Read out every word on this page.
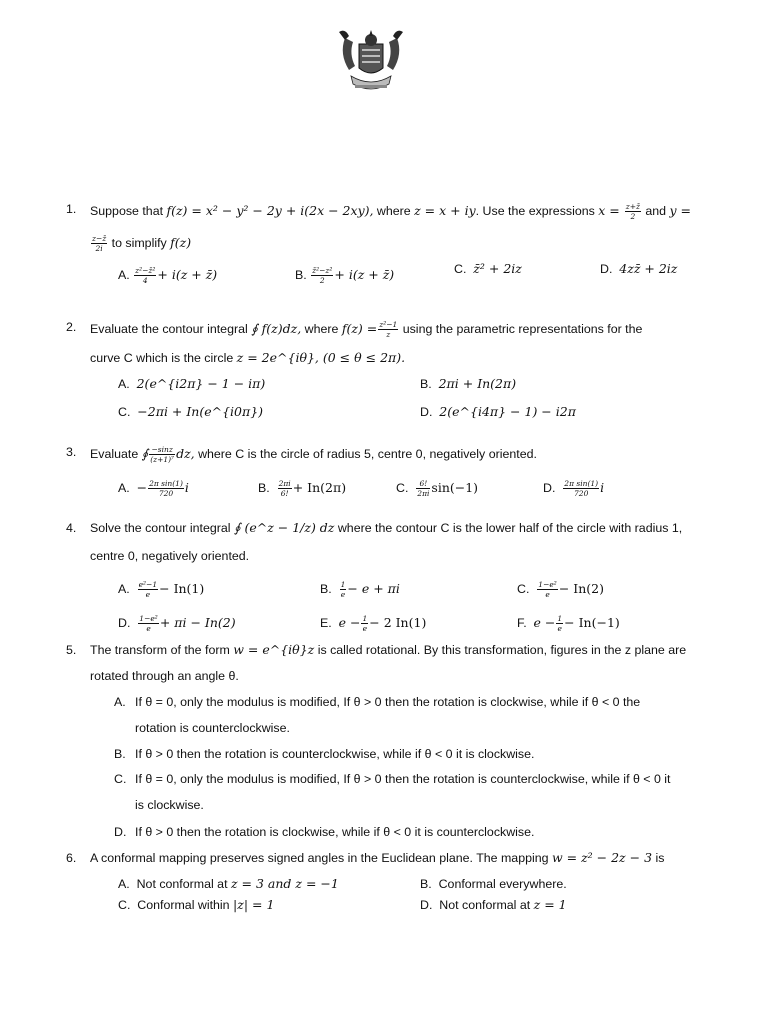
1. Suppose that f(z) = x² − y² − 2y + i(2x − 2xy), where z = x + iy. Use the expressions $x = \frac{z+z̄}{2}$ and y =
$\frac{z-z̄}{2i}$ to simplify f(z)
A. $\frac{\text{z²−z̄²}}{4} + i(z$ + z̄)	B. $\frac{\text{z̄²−z²}}{2} + i(z$ + z̄)	C. z̄² + 2iz	D. 4zz̄ + 2iz
2. Evaluate the contour integral ∮ f(z)dz, where $f(z) = \frac{\text{z²−1}}{z}$ using the parametric representations for the
curve C which is the circle z = 2e^{iθ}, (0 ≤ θ ≤ 2π).
A. 2(e^{i2π} − 1 − iπ)	B. 2πi + In(2π)
C. −2πi + In(e^{i0π})	D. 2(e^{i4π} − 1) − i2π
3. Evaluate ∮ $\frac{-\sin z}{\text{(z+1)⁷}}$ dz, where C is the circle of radius 5, centre 0, negatively oriented.
A. − $\frac{\text{2π sin(1)}}{720}$ i	B. $\frac{2\pi i}{6!} + In(2\pi)$	C. $\frac{6!}{2\pi i} \sin(-1)$	D. $\frac{\text{2π sin(1)}}{720}$ i
4. Solve the contour integral ∮ (e^z − 1/z) dz where the contour C is the lower half of the circle with radius 1,
centre 0, negatively oriented.
A. $\frac{\text{e²−1}}{e} - In(1)$	B. $\frac{1}{e} - e + \pi i$	C. $\frac{\text{1−e²}}{e} - In(2)$
D. $\frac{\text{1−e²}}{e} + \pi i - In(2)$	E. $e - \frac{1}{e} - 2$ In(1)	F. $e - \frac{1}{e} - In(-1)$
5. The transform of the form w = e^{iθ}z is called rotational. By this transformation, figures in the z plane are
rotated through an angle θ.
A. If θ = 0, only the modulus is modified, If θ > 0 then the rotation is clockwise, while if θ < 0 the
rotation is counterclockwise.
B. If θ > 0 then the rotation is counterclockwise, while if θ < 0 it is clockwise.
C. If θ = 0, only the modulus is modified, If θ > 0 then the rotation is counterclockwise, while if θ < 0 it
is clockwise.
D. If θ > 0 then the rotation is clockwise, while if θ < 0 it is counterclockwise.
6. A conformal mapping preserves signed angles in the Euclidean plane. The mapping w = z² − 2z − 3 is
A. Not conformal at z = 3 and z = −1	B. Conformal everywhere.
C. Conformal within |z| = 1	D. Not conformal at z = 1
